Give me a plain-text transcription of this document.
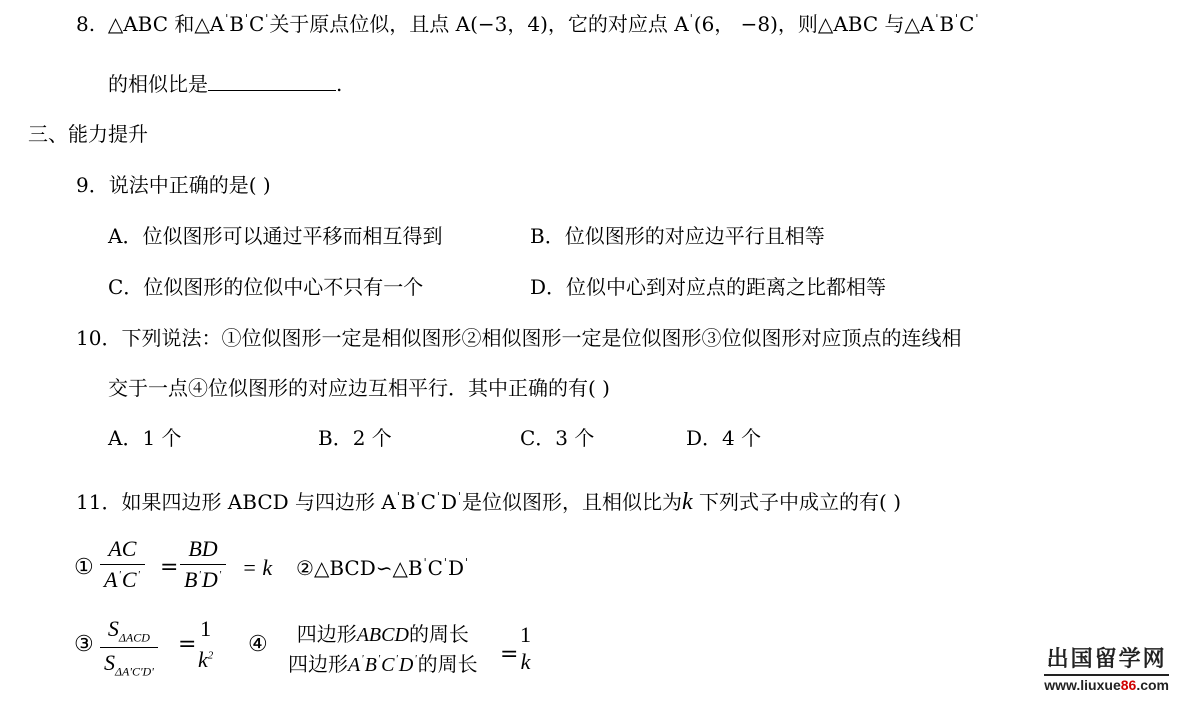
8. △ABC 和△A'B'C'关于原点位似，且点 A(−3，4)，它的对应点 A'(6， −8)，则△ABC 与△A'B'C'
的相似比是	.
三、能力提升
9．说法中正确的是( )
A．位似图形可以通过平移而相互得到	B．位似图形的对应边平行且相等
C．位似图形的位似中心不只有一个	D．位似中心到对应点的距离之比都相等
10．下列说法：①位似图形一定是相似图形②相似图形一定是位似图形③位似图形对应顶点的连线相
交于一点④位似图形的对应边互相平行．其中正确的有( )
A．1 个	B．2 个	C．3 个	D．4 个
11．如果四边形 ABCD 与四边形 A'B'C'D'是位似图形，且相似比为k 下列式子中成立的有( )
① $\frac{AC}{A'C'} = \frac{BD}{B'D'} = k$ ②△BCD∽△B'C'D'
③ $\frac{S_{\Delta ACD}}{S_{\Delta A'C'D'}}$ =
1
$k^2$ ④	四边形ABCD的周长
四边形A'B'C'D'的周长 =
1
k	出国留学网
www.liuxue86.com
